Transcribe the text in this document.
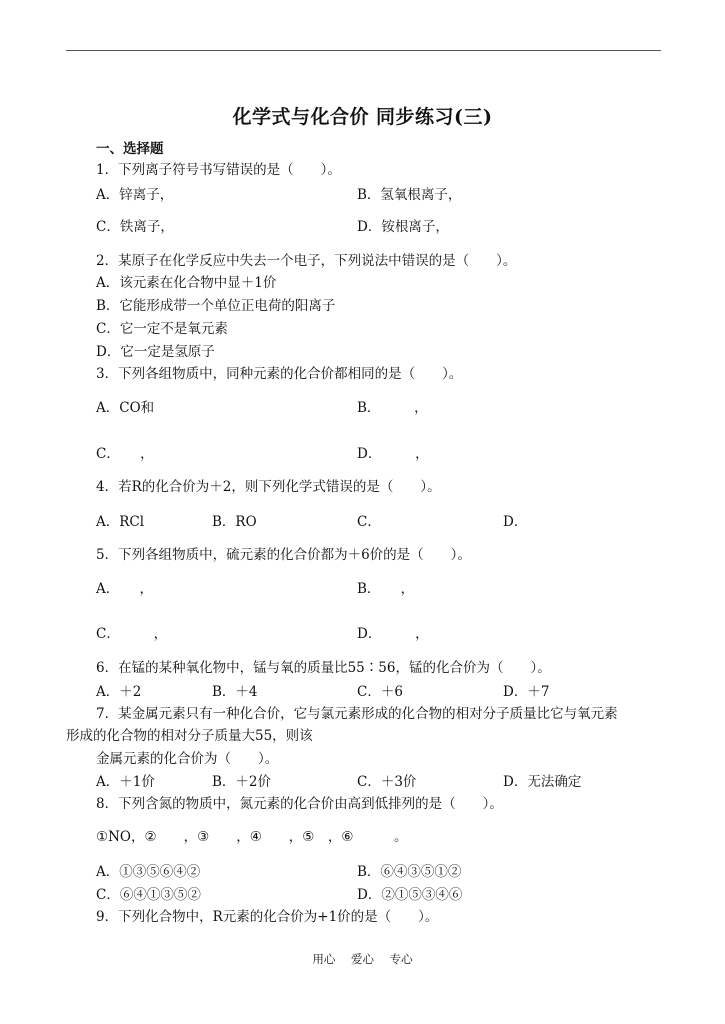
化学式与化合价 同步练习(三)
一、选择题
1．下列离子符号书写错误的是（　　）。
A．锌离子，	B．氢氧根离子，
C．铁离子，	D．铵根离子，
2．某原子在化学反应中失去一个电子，下列说法中错误的是（　　）。
A．该元素在化合物中显＋1价
B．它能形成带一个单位正电荷的阳离子
C．它一定不是氧元素
D．它一定是氢原子
3．下列各组物质中，同种元素的化合价都相同的是（　　）。
A．CO和	B．　　　，
C．　　，	D．　　　，
4．若R的化合价为＋2，则下列化学式错误的是（　　）。
A．RCl	B．RO	C．	D．
5．下列各组物质中，硫元素的化合价都为＋6价的是（　　）。
A．　　，	B．　　，
C．　　　，	D．　　　，
6．在锰的某种氧化物中，锰与氧的质量比55∶56，锰的化合价为（　　）。
A．＋2	B．＋4	C．＋6	D．＋7
7．某金属元素只有一种化合价，它与氯元素形成的化合物的相对分子质量比它与氧元素
形成的化合物的相对分子质量大55，则该
金属元素的化合价为（　　）。
A．＋1价	B．＋2价	C．＋3价	D．无法确定
8．下列含氮的物质中，氮元素的化合价由高到低排列的是（　　）。
①NO，②　　，③　　，④　　，⑤　，⑥　　　。
A．①③⑤⑥④②	B．⑥④③⑤①②
C．⑥④①③⑤②	D．②①⑤③④⑥
9．下列化合物中，R元素的化合价为+1价的是（　　）。
用心 爱心 专心
